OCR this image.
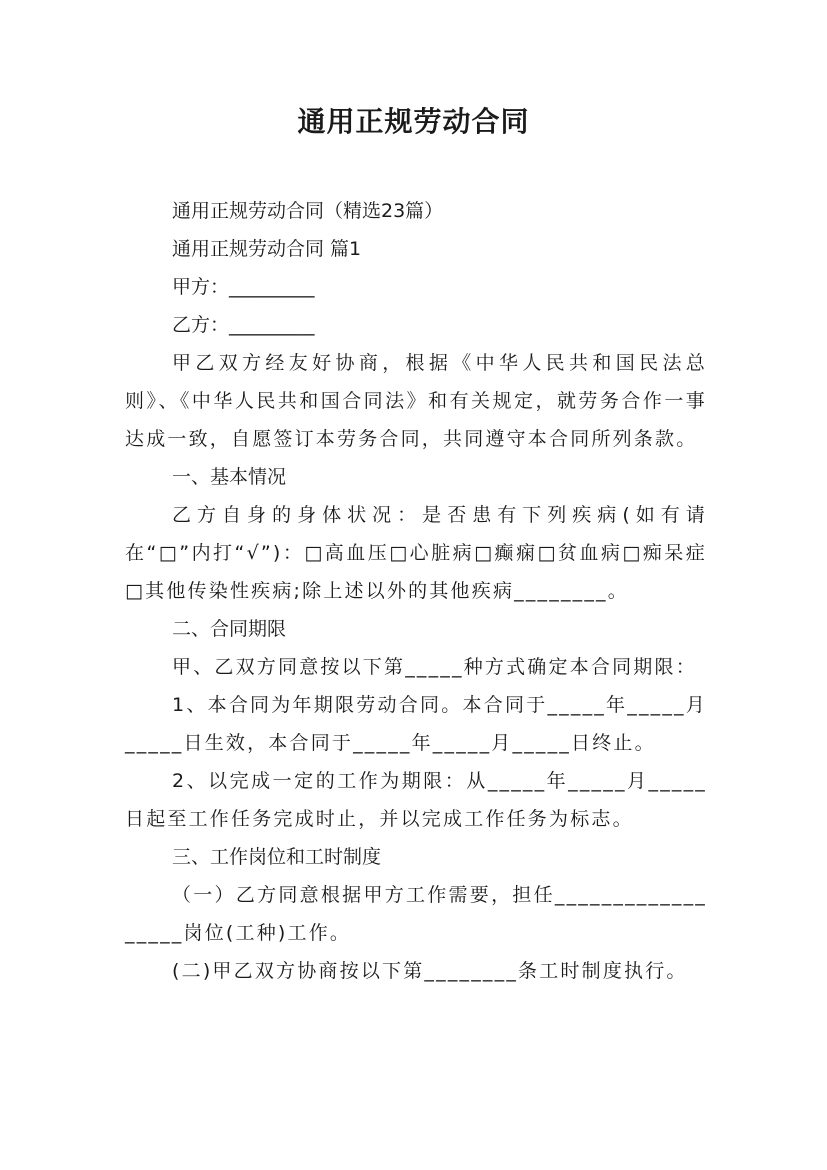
通用正规劳动合同

通用正规劳动合同（精选23篇）

通用正规劳动合同 篇1

甲方：_________

乙方：_________

甲乙双方经友好协商，根据《中华人民共和国民法总则》、《中华人民共和国合同法》和有关规定，就劳务合作一事达成一致，自愿签订本劳务合同，共同遵守本合同所列条款。

一、基本情况

乙方自身的身体状况：是否患有下列疾病(如有请在“□”内打“√”)：□高血压□心脏病□癫痫□贫血病□痴呆症□其他传染性疾病;除上述以外的其他疾病________。

二、合同期限

甲、乙双方同意按以下第_____种方式确定本合同期限：

1、本合同为年期限劳动合同。本合同于_____年_____月_____日生效，本合同于_____年_____月_____日终止。

2、以完成一定的工作为期限：从_____年_____月_____日起至工作任务完成时止，并以完成工作任务为标志。

三、工作岗位和工时制度

（一）乙方同意根据甲方工作需要，担任__________________岗位(工种)工作。

(二)甲乙双方协商按以下第________条工时制度执行。
